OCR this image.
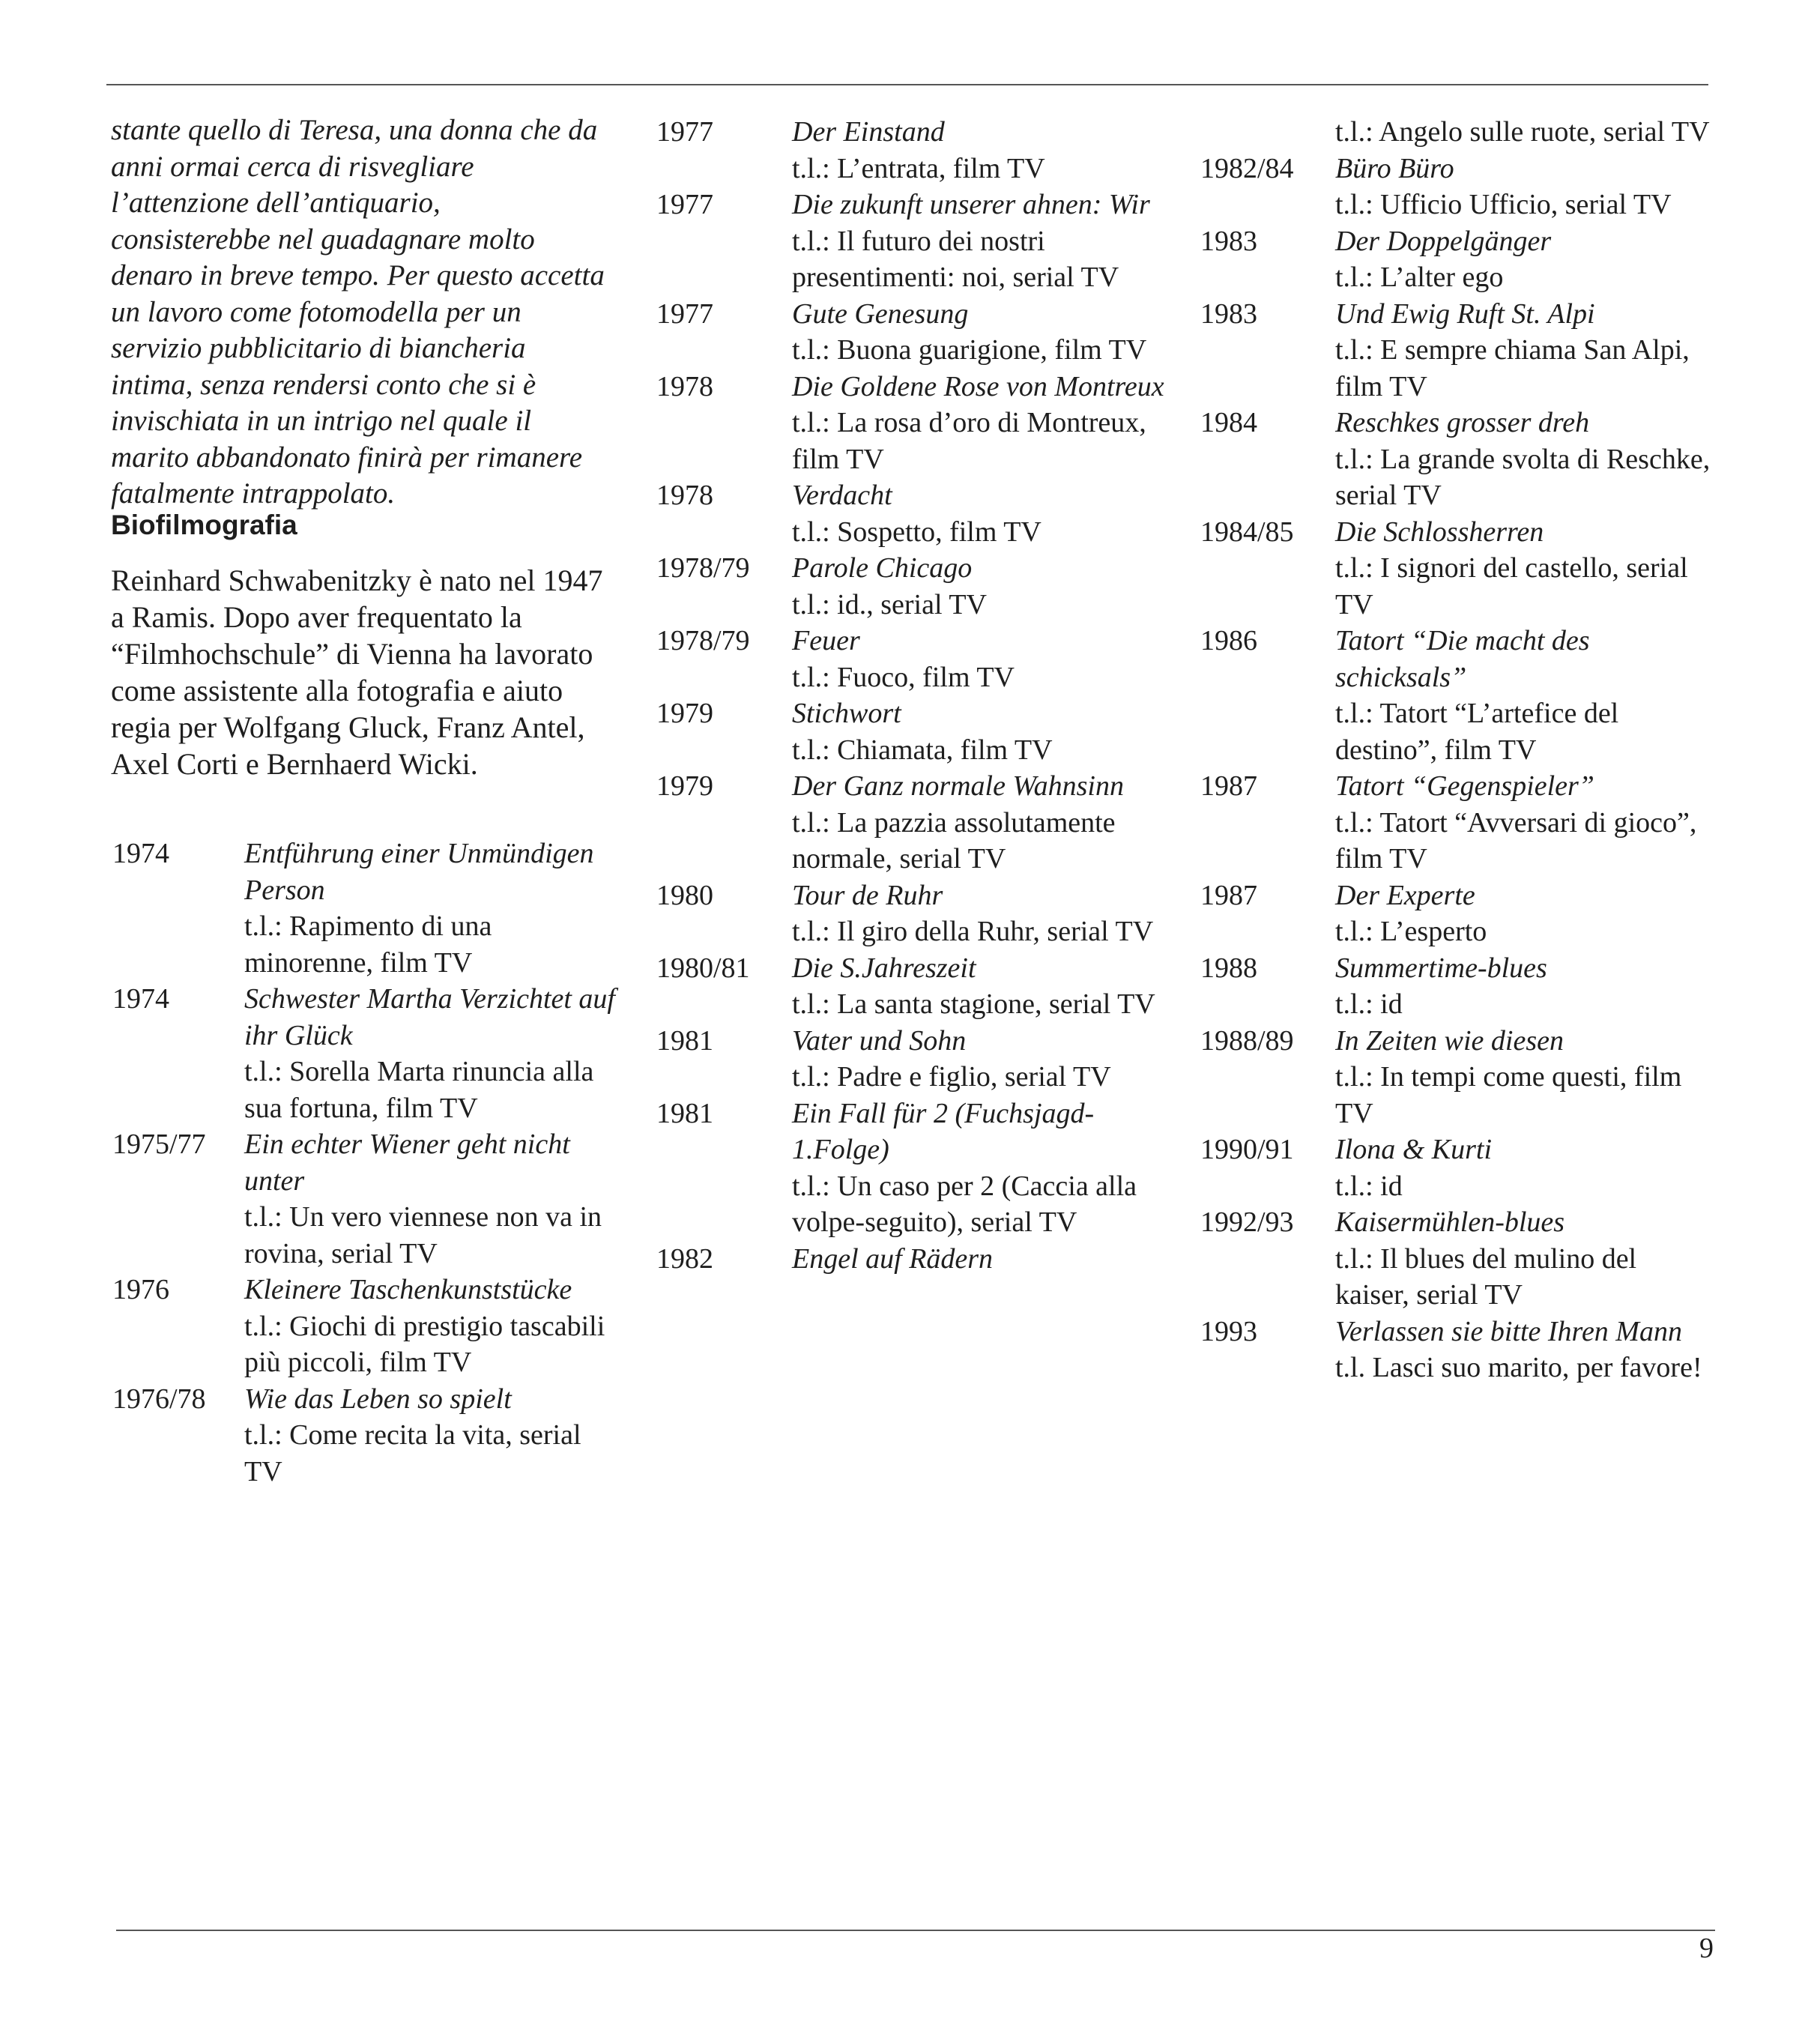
stante quello di Teresa, una donna che da anni ormai cerca di risvegliare l’attenzione dell’antiquario, consisterebbe nel guadagnare molto denaro in breve tempo. Per questo accetta un lavoro come fotomodella per un servizio pubblicitario di biancheria intima, senza rendersi conto che si è invischiata in un intrigo nel quale il marito abbandonato finirà per rimanere fatalmente intrappolato.

Biofilmografia

Reinhard Schwabenitzky è nato nel 1947 a Ramis. Dopo aver frequentato la “Filmhochschule” di Vienna ha lavorato come assistente alla fotografia e aiuto regia per Wolfgang Gluck, Franz Antel, Axel Corti e Bernhaerd Wicki.

1974	Entführung einer Unmündigen Person
t.l.: Rapimento di una minorenne, film TV
1974	Schwester Martha Verzichtet auf ihr Glück
t.l.: Sorella Marta rinuncia alla sua fortuna, film TV
1975/77	Ein echter Wiener geht nicht unter
t.l.: Un vero viennese non va in rovina, serial TV
1976	Kleinere Taschenkunststücke
t.l.: Giochi di prestigio tascabili più piccoli, film TV
1976/78	Wie das Leben so spielt
t.l.: Come recita la vita, serial TV
1977	Der Einstand
t.l.: L’entrata, film TV
1977	Die zukunft unserer ahnen: Wir
t.l.: Il futuro dei nostri presentimenti: noi, serial TV
1977	Gute Genesung
t.l.: Buona guarigione, film TV
1978	Die Goldene Rose von Montreux
t.l.: La rosa d’oro di Montreux, film TV
1978	Verdacht
t.l.: Sospetto, film TV
1978/79	Parole Chicago
t.l.: id., serial TV
1978/79	Feuer
t.l.: Fuoco, film TV
1979	Stichwort
t.l.: Chiamata, film TV
1979	Der Ganz normale Wahnsinn
t.l.: La pazzia assolutamente normale, serial TV
1980	Tour de Ruhr
t.l.: Il giro della Ruhr, serial TV
1980/81	Die S.Jahreszeit
t.l.: La santa stagione, serial TV
1981	Vater und Sohn
t.l.: Padre e figlio, serial TV
1981	Ein Fall für 2 (Fuchsjagd-1.Folge)
t.l.: Un caso per 2 (Caccia alla volpe-seguito), serial TV
1982	Engel auf Rädern
t.l.: Angelo sulle ruote, serial TV
1982/84	Büro Büro
t.l.: Ufficio Ufficio, serial TV
1983	Der Doppelgänger
t.l.: L’alter ego
1983	Und Ewig Ruft St. Alpi
t.l.: E sempre chiama San Alpi, film TV
1984	Reschkes grosser dreh
t.l.: La grande svolta di Reschke, serial TV
1984/85	Die Schlossherren
t.l.: I signori del castello, serial TV
1986	Tatort “Die macht des schicksals”
t.l.: Tatort “L’artefice del destino”, film TV
1987	Tatort “Gegenspieler”
t.l.: Tatort “Avversari di gioco”, film TV
1987	Der Experte
t.l.: L’esperto
1988	Summertime-blues
t.l.: id
1988/89	In Zeiten wie diesen
t.l.: In tempi come questi, film TV
1990/91	Ilona & Kurti
t.l.: id
1992/93	Kaisermühlen-blues
t.l.: Il blues del mulino del kaiser, serial TV
1993	Verlassen sie bitte Ihren Mann
t.l. Lasci suo marito, per favore!

9
